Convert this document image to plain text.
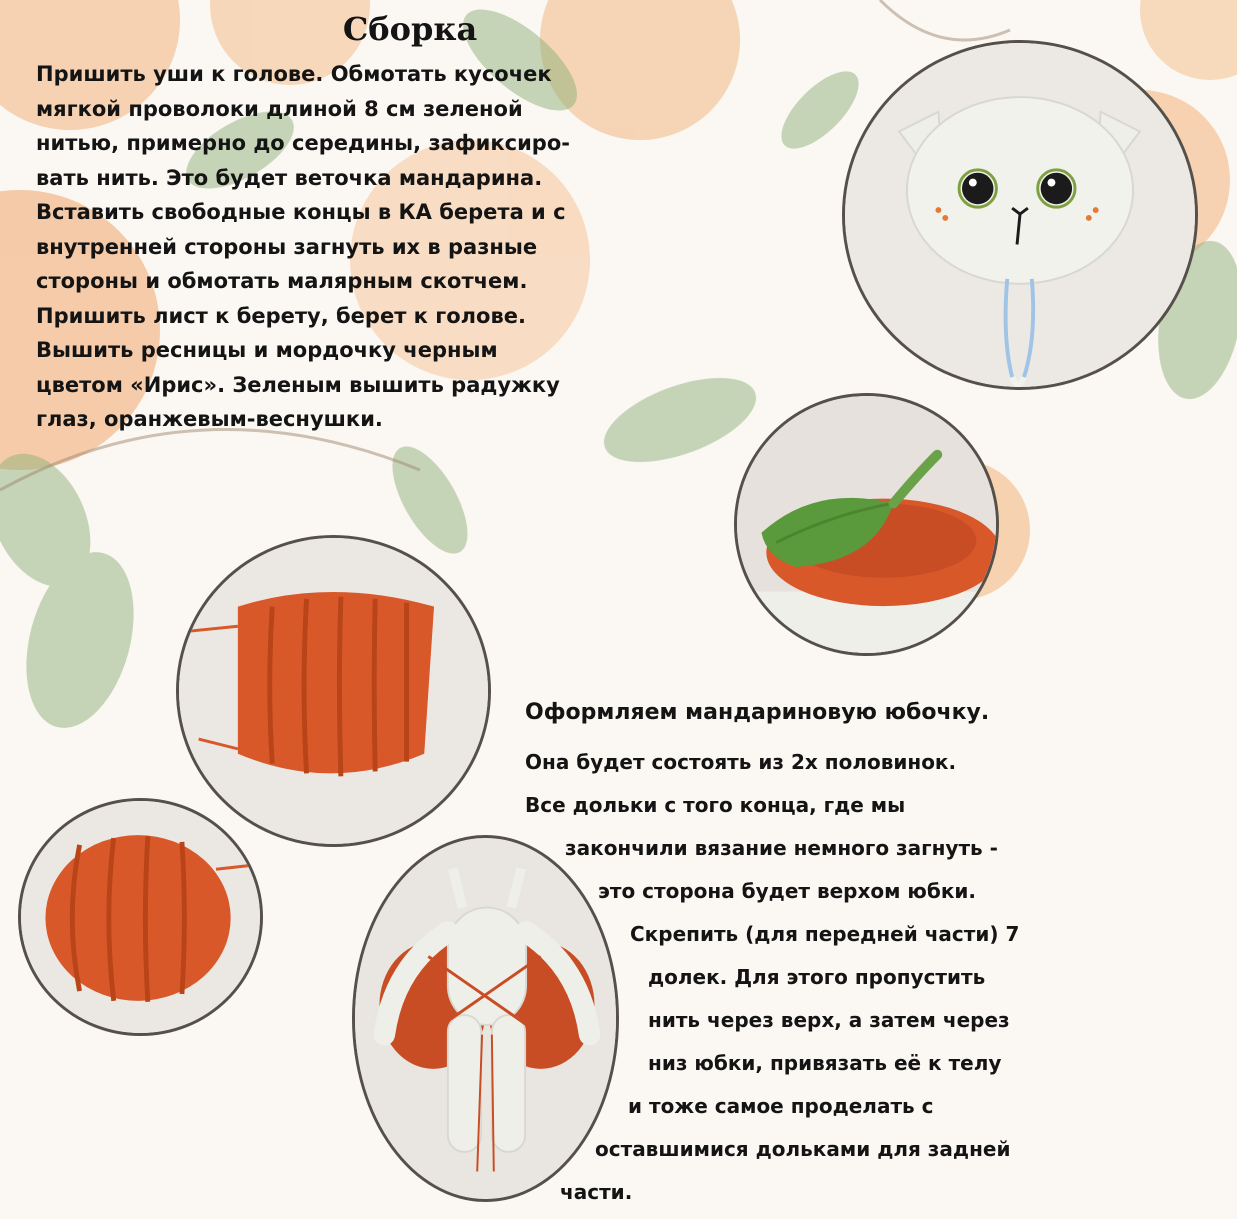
Сборка
Пришить уши к голове. Обмотать кусочек
мягкой проволоки длиной 8 см зеленой
нитью, примерно до середины, зафиксиро-
вать нить. Это будет веточка мандарина.
Вставить свободные концы в КА берета и с
внутренней стороны загнуть их в разные
стороны и обмотать малярным скотчем.
Пришить лист к берету, берет к голове.
Вышить ресницы и мордочку черным
цветом «Ирис». Зеленым вышить радужку
глаз, оранжевым-веснушки.
Оформляем мандариновую юбочку.
Она будет состоять из 2х половинок.
Все дольки с того конца, где мы
закончили вязание немного загнуть -
это сторона будет верхом юбки.
Скрепить (для передней части) 7
долек. Для этого пропустить
нить через верх, а затем через
низ юбки, привязать её к телу
и тоже самое проделать с
оставшимися дольками для задней
части.
